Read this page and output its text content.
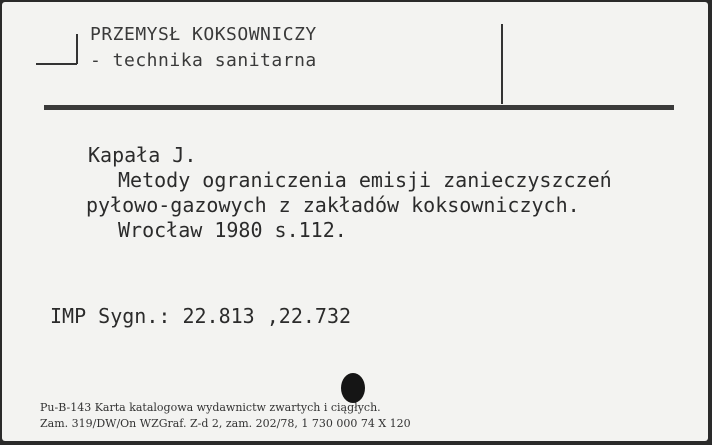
PRZEMYSŁ KOKSOWNICZY
- technika sanitarna
Kapała J.
Metody ograniczenia emisji zanieczyszczeń
pyłowo-gazowych z zakładów koksowniczych.
Wrocław 1980 s.112.
IMP Sygn.: 22.813 ,22.732
Pu-B-143 Karta katalogowa wydawnictw zwartych i ciągłych.
Zam. 319/DW/On WZGraf. Z-d 2, zam. 202/78, 1 730 000 74 X 120
